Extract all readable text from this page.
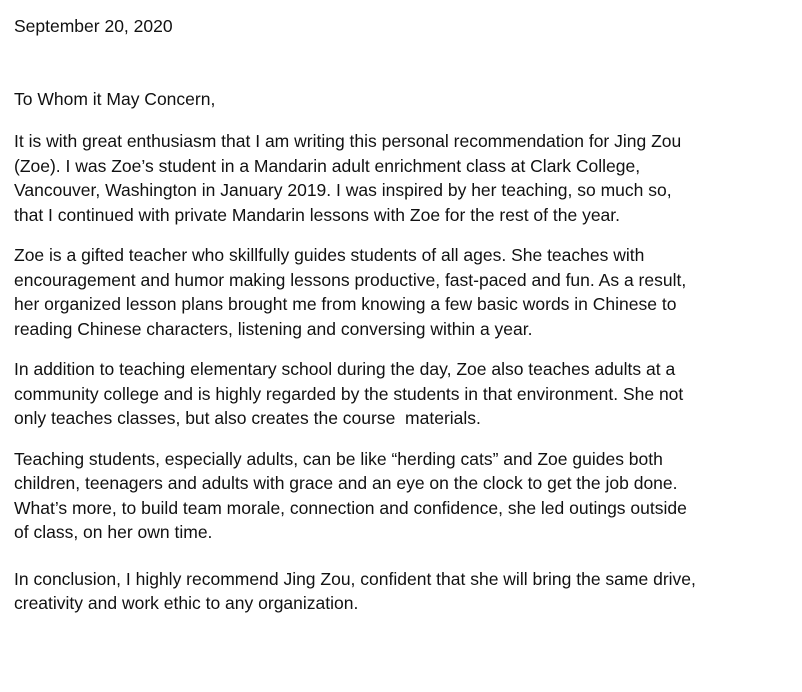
September 20, 2020
To Whom it May Concern,
It is with great enthusiasm that I am writing this personal recommendation for Jing Zou
(Zoe). I was Zoe’s student in a Mandarin adult enrichment class at Clark College,
Vancouver, Washington in January 2019. I was inspired by her teaching, so much so,
that I continued with private Mandarin lessons with Zoe for the rest of the year.
Zoe is a gifted teacher who skillfully guides students of all ages. She teaches with
encouragement and humor making lessons productive, fast-paced and fun. As a result,
her organized lesson plans brought me from knowing a few basic words in Chinese to
reading Chinese characters, listening and conversing within a year.
In addition to teaching elementary school during the day, Zoe also teaches adults at a
community college and is highly regarded by the students in that environment. She not
only teaches classes, but also creates the course  materials.
Teaching students, especially adults, can be like “herding cats” and Zoe guides both
children, teenagers and adults with grace and an eye on the clock to get the job done.
What’s more, to build team morale, connection and confidence, she led outings outside
of class, on her own time.
In conclusion, I highly recommend Jing Zou, confident that she will bring the same drive,
creativity and work ethic to any organization.
